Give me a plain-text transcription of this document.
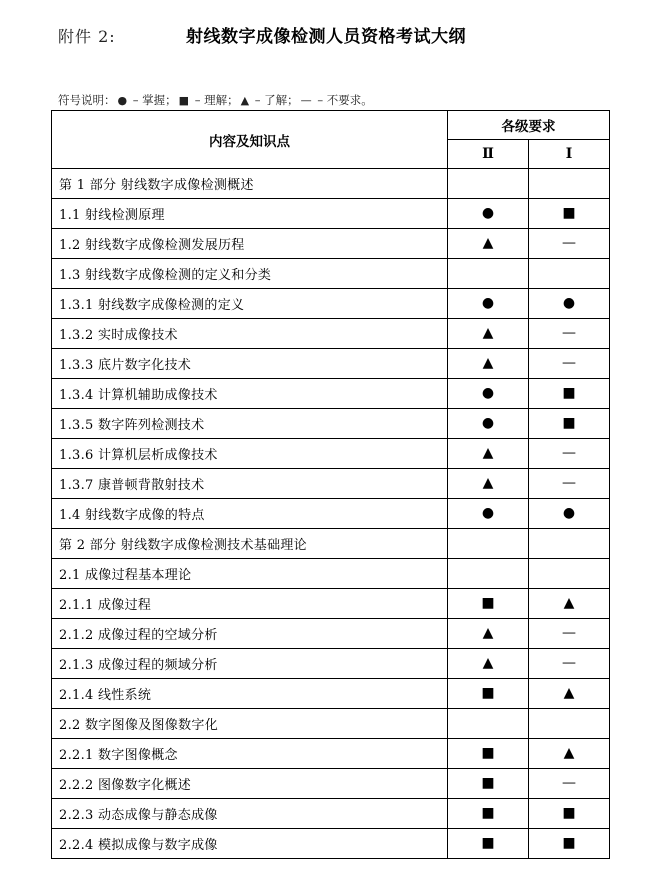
附件 2:	射线数字成像检测人员资格考试大纲
符号说明： ● – 掌握； ■ – 理解； ▲ – 了解； — – 不要求。
内容及知识点	各级要求	
	Ⅱ	Ⅰ
第 1 部分 射线数字成像检测概述		
1.1 射线检测原理	●	■
1.2 射线数字成像检测发展历程	▲	—
1.3 射线数字成像检测的定义和分类		
1.3.1 射线数字成像检测的定义	●	●
1.3.2 实时成像技术	▲	—
1.3.3 底片数字化技术	▲	—
1.3.4 计算机辅助成像技术	●	■
1.3.5 数字阵列检测技术	●	■
1.3.6 计算机层析成像技术	▲	—
1.3.7 康普顿背散射技术	▲	—
1.4 射线数字成像的特点	●	●
第 2 部分 射线数字成像检测技术基础理论		
2.1 成像过程基本理论		
2.1.1 成像过程	■	▲
2.1.2 成像过程的空域分析	▲	—
2.1.3 成像过程的频域分析	▲	—
2.1.4 线性系统	■	▲
2.2 数字图像及图像数字化		
2.2.1 数字图像概念	■	▲
2.2.2 图像数字化概述	■	—
2.2.3 动态成像与静态成像	■	■
2.2.4 模拟成像与数字成像	■	■
